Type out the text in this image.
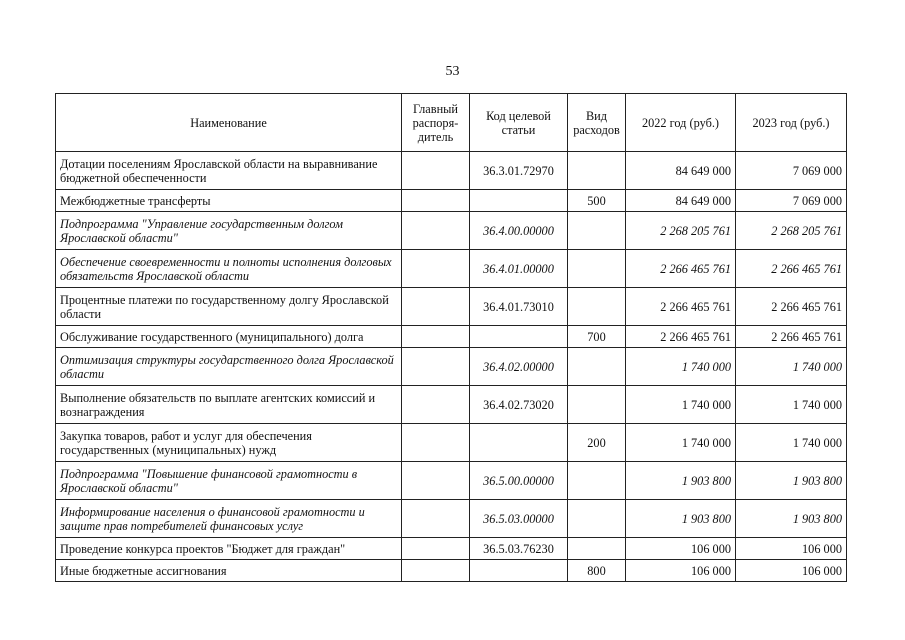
53
Наименование	Главный распоря-дитель	Код целевой статьи	Вид расходов	2022 год (руб.)	2023 год (руб.)
Дотации поселениям Ярославской области на выравнивание бюджетной обеспеченности		36.3.01.72970		84 649 000	7 069 000
Межбюджетные трансферты			500	84 649 000	7 069 000
Подпрограмма "Управление государственным долгом Ярославской области"		36.4.00.00000		2 268 205 761	2 268 205 761
Обеспечение своевременности и полноты исполнения долговых обязательств Ярославской области		36.4.01.00000		2 266 465 761	2 266 465 761
Процентные платежи по государственному долгу Ярославской области		36.4.01.73010		2 266 465 761	2 266 465 761
Обслуживание государственного (муниципального) долга			700	2 266 465 761	2 266 465 761
Оптимизация структуры государственного долга Ярославской области		36.4.02.00000		1 740 000	1 740 000
Выполнение обязательств по выплате агентских комиссий и вознаграждения		36.4.02.73020		1 740 000	1 740 000
Закупка товаров, работ и услуг для обеспечения государственных (муниципальных) нужд			200	1 740 000	1 740 000
Подпрограмма "Повышение финансовой грамотности в Ярославской области"		36.5.00.00000		1 903 800	1 903 800
Информирование населения о финансовой грамотности и защите прав потребителей финансовых услуг		36.5.03.00000		1 903 800	1 903 800
Проведение конкурса проектов "Бюджет для граждан"		36.5.03.76230		106 000	106 000
Иные бюджетные ассигнования			800	106 000	106 000
